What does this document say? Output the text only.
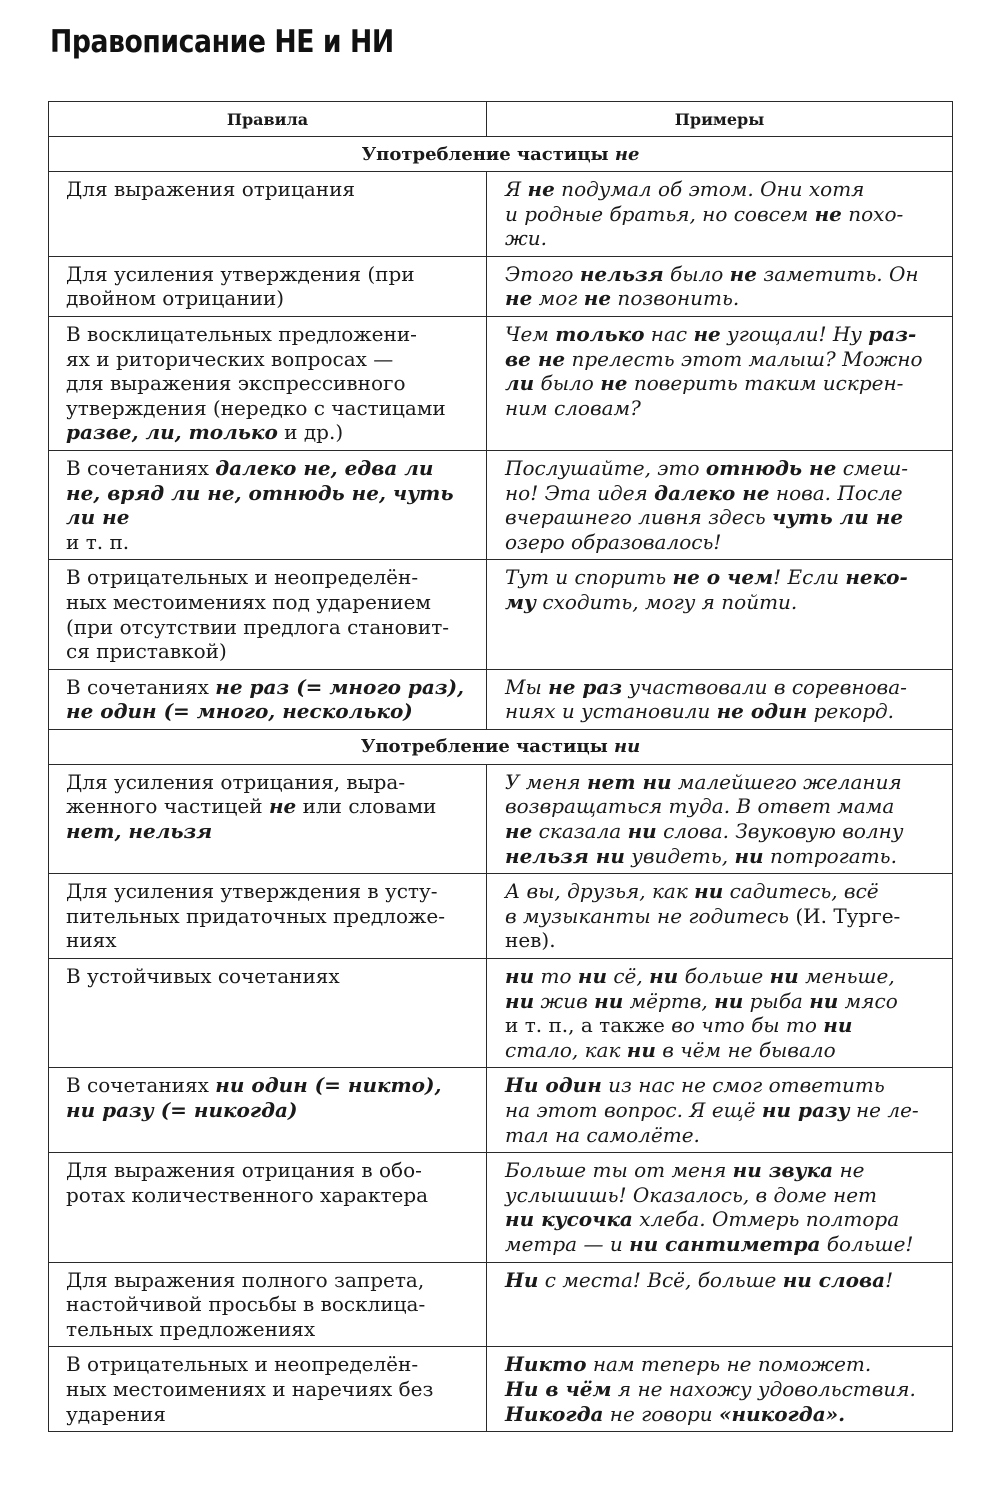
Правописание НЕ и НИ
Правила	Примеры
Употребление частицы не	
Для выражения отрицания	Я не подумал об этом. Они хотя
и родные братья, но совсем не похо-
жи.
Для усиления утверждения (при
двойном отрицании)	Этого нельзя было не заметить. Он
не мог не позвонить.
В восклицательных предложени-
ях и риторических вопросах —
для выражения экспрессивного
утверждения (нередко с частицами
разве, ли, только и др.)	Чем только нас не угощали! Ну раз-
ве не прелесть этот малыш? Можно
ли было не поверить таким искрен-
ним словам?
В сочетаниях далеко не, едва ли
не, вряд ли не, отнюдь не, чуть
ли не
и т. п.	Послушайте, это отнюдь не смеш-
но! Эта идея далеко не нова. После
вчерашнего ливня здесь чуть ли не
озеро образовалось!
В отрицательных и неопределён-
ных местоимениях под ударением
(при отсутствии предлога становит-
ся приставкой)	Тут и спорить не о чем! Если неко-
му сходить, могу я пойти.
В сочетаниях не раз (= много раз),
не один (= много, несколько)	Мы не раз участвовали в соревнова-
ниях и установили не один рекорд.
Употребление частицы ни	
Для усиления отрицания, выра-
женного частицей не или словами
нет, нельзя	У меня нет ни малейшего желания
возвращаться туда. В ответ мама
не сказала ни слова. Звуковую волну
нельзя ни увидеть, ни потрогать.
Для усиления утверждения в усту-
пительных придаточных предложе-
ниях	А вы, друзья, как ни садитесь, всё
в музыканты не годитесь (И. Турге-
нев).
В устойчивых сочетаниях	ни то ни сё, ни больше ни меньше,
ни жив ни мёртв, ни рыба ни мясо
и т. п., а также во что бы то ни
стало, как ни в чём не бывало
В сочетаниях ни один (= никто),
ни разу (= никогда)	Ни один из нас не смог ответить
на этот вопрос. Я ещё ни разу не ле-
тал на самолёте.
Для выражения отрицания в обо-
ротах количественного характера	Больше ты от меня ни звука не
услышишь! Оказалось, в доме нет
ни кусочка хлеба. Отмерь полтора
метра — и ни сантиметра больше!
Для выражения полного запрета,
настойчивой просьбы в восклица-
тельных предложениях	Ни с места! Всё, больше ни слова!
В отрицательных и неопределён-
ных местоимениях и наречиях без
ударения	Никто нам теперь не поможет.
Ни в чём я не нахожу удовольствия.
Никогда не говори «никогда».
